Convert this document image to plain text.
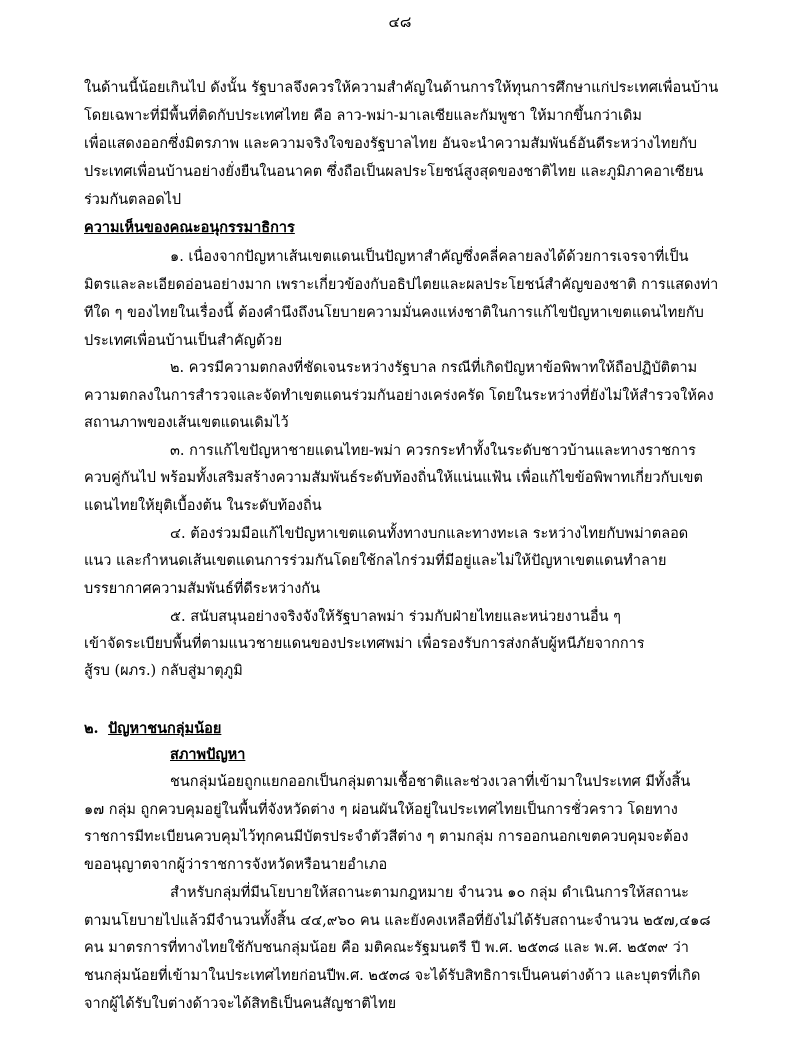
๔๘
ในด้านนี้น้อยเกินไป ดังนั้น รัฐบาลจึงควรให้ความสำคัญในด้านการให้ทุนการศึกษาแก่ประเทศเพื่อนบ้าน
โดยเฉพาะที่มีพื้นที่ติดกับประเทศไทย คือ ลาว-พม่า-มาเลเซียและกัมพูชา ให้มากขึ้นกว่าเดิม
เพื่อแสดงออกซึ่งมิตรภาพ และความจริงใจของรัฐบาลไทย อันจะนำความสัมพันธ์อันดีระหว่างไทยกับ
ประเทศเพื่อนบ้านอย่างยั่งยืนในอนาคต ซึ่งถือเป็นผลประโยชน์สูงสุดของชาติไทย และภูมิภาคอาเซียน
ร่วมกันตลอดไป
ความเห็นของคณะอนุกรรมาธิการ
๑. เนื่องจากปัญหาเส้นเขตแดนเป็นปัญหาสำคัญซึ่งคลี่คลายลงได้ด้วยการเจรจาที่เป็น
มิตรและละเอียดอ่อนอย่างมาก เพราะเกี่ยวข้องกับอธิปไตยและผลประโยชน์สำคัญของชาติ การแสดงท่า
ทีใด ๆ ของไทยในเรื่องนี้ ต้องคำนึงถึงนโยบายความมั่นคงแห่งชาติในการแก้ไขปัญหาเขตแดนไทยกับ
ประเทศเพื่อนบ้านเป็นสำคัญด้วย
๒. ควรมีความตกลงที่ชัดเจนระหว่างรัฐบาล กรณีที่เกิดปัญหาข้อพิพาทให้ถือปฏิบัติตาม
ความตกลงในการสำรวจและจัดทำเขตแดนร่วมกันอย่างเคร่งครัด โดยในระหว่างที่ยังไม่ให้สำรวจให้คง
สถานภาพของเส้นเขตแดนเดิมไว้
๓. การแก้ไขปัญหาชายแดนไทย-พม่า ควรกระทำทั้งในระดับชาวบ้านและทางราชการ
ควบคู่กันไป พร้อมทั้งเสริมสร้างความสัมพันธ์ระดับท้องถิ่นให้แน่นแฟ้น เพื่อแก้ไขข้อพิพาทเกี่ยวกับเขต
แดนไทยให้ยุติเบื้องต้น ในระดับท้องถิ่น
๔. ต้องร่วมมือแก้ไขปัญหาเขตแดนทั้งทางบกและทางทะเล ระหว่างไทยกับพม่าตลอด
แนว และกำหนดเส้นเขตแดนการร่วมกันโดยใช้กลไกร่วมที่มีอยู่และไม่ให้ปัญหาเขตแดนทำลาย
บรรยากาศความสัมพันธ์ที่ดีระหว่างกัน
๕. สนับสนุนอย่างจริงจังให้รัฐบาลพม่า ร่วมกับฝ่ายไทยและหน่วยงานอื่น ๆ
เข้าจัดระเบียบพื้นที่ตามแนวชายแดนของประเทศพม่า เพื่อรองรับการส่งกลับผู้หนีภัยจากการ
สู้รบ (ผภร.) กลับสู่มาตุภูมิ
๒. ปัญหาชนกลุ่มน้อย
สภาพปัญหา
ชนกลุ่มน้อยถูกแยกออกเป็นกลุ่มตามเชื้อชาติและช่วงเวลาที่เข้ามาในประเทศ มีทั้งสิ้น
๑๗ กลุ่ม ถูกควบคุมอยู่ในพื้นที่จังหวัดต่าง ๆ ผ่อนผันให้อยู่ในประเทศไทยเป็นการชั่วคราว โดยทาง
ราชการมีทะเบียนควบคุมไว้ทุกคนมีบัตรประจำตัวสีต่าง ๆ ตามกลุ่ม การออกนอกเขตควบคุมจะต้อง
ขออนุญาตจากผู้ว่าราชการจังหวัดหรือนายอำเภอ
สำหรับกลุ่มที่มีนโยบายให้สถานะตามกฎหมาย จำนวน ๑๐ กลุ่ม ดำเนินการให้สถานะ
ตามนโยบายไปแล้วมีจำนวนทั้งสิ้น ๔๔,๙๖๐ คน และยังคงเหลือที่ยังไม่ได้รับสถานะจำนวน ๒๕๗,๔๑๘
คน มาตรการที่ทางไทยใช้กับชนกลุ่มน้อย คือ มติคณะรัฐมนตรี ปี พ.ศ. ๒๕๓๘ และ พ.ศ. ๒๕๓๙ ว่า
ชนกลุ่มน้อยที่เข้ามาในประเทศไทยก่อนปีพ.ศ. ๒๕๓๘ จะได้รับสิทธิการเป็นคนต่างด้าว และบุตรที่เกิด
จากผู้ได้รับใบต่างด้าวจะได้สิทธิเป็นคนสัญชาติไทย
